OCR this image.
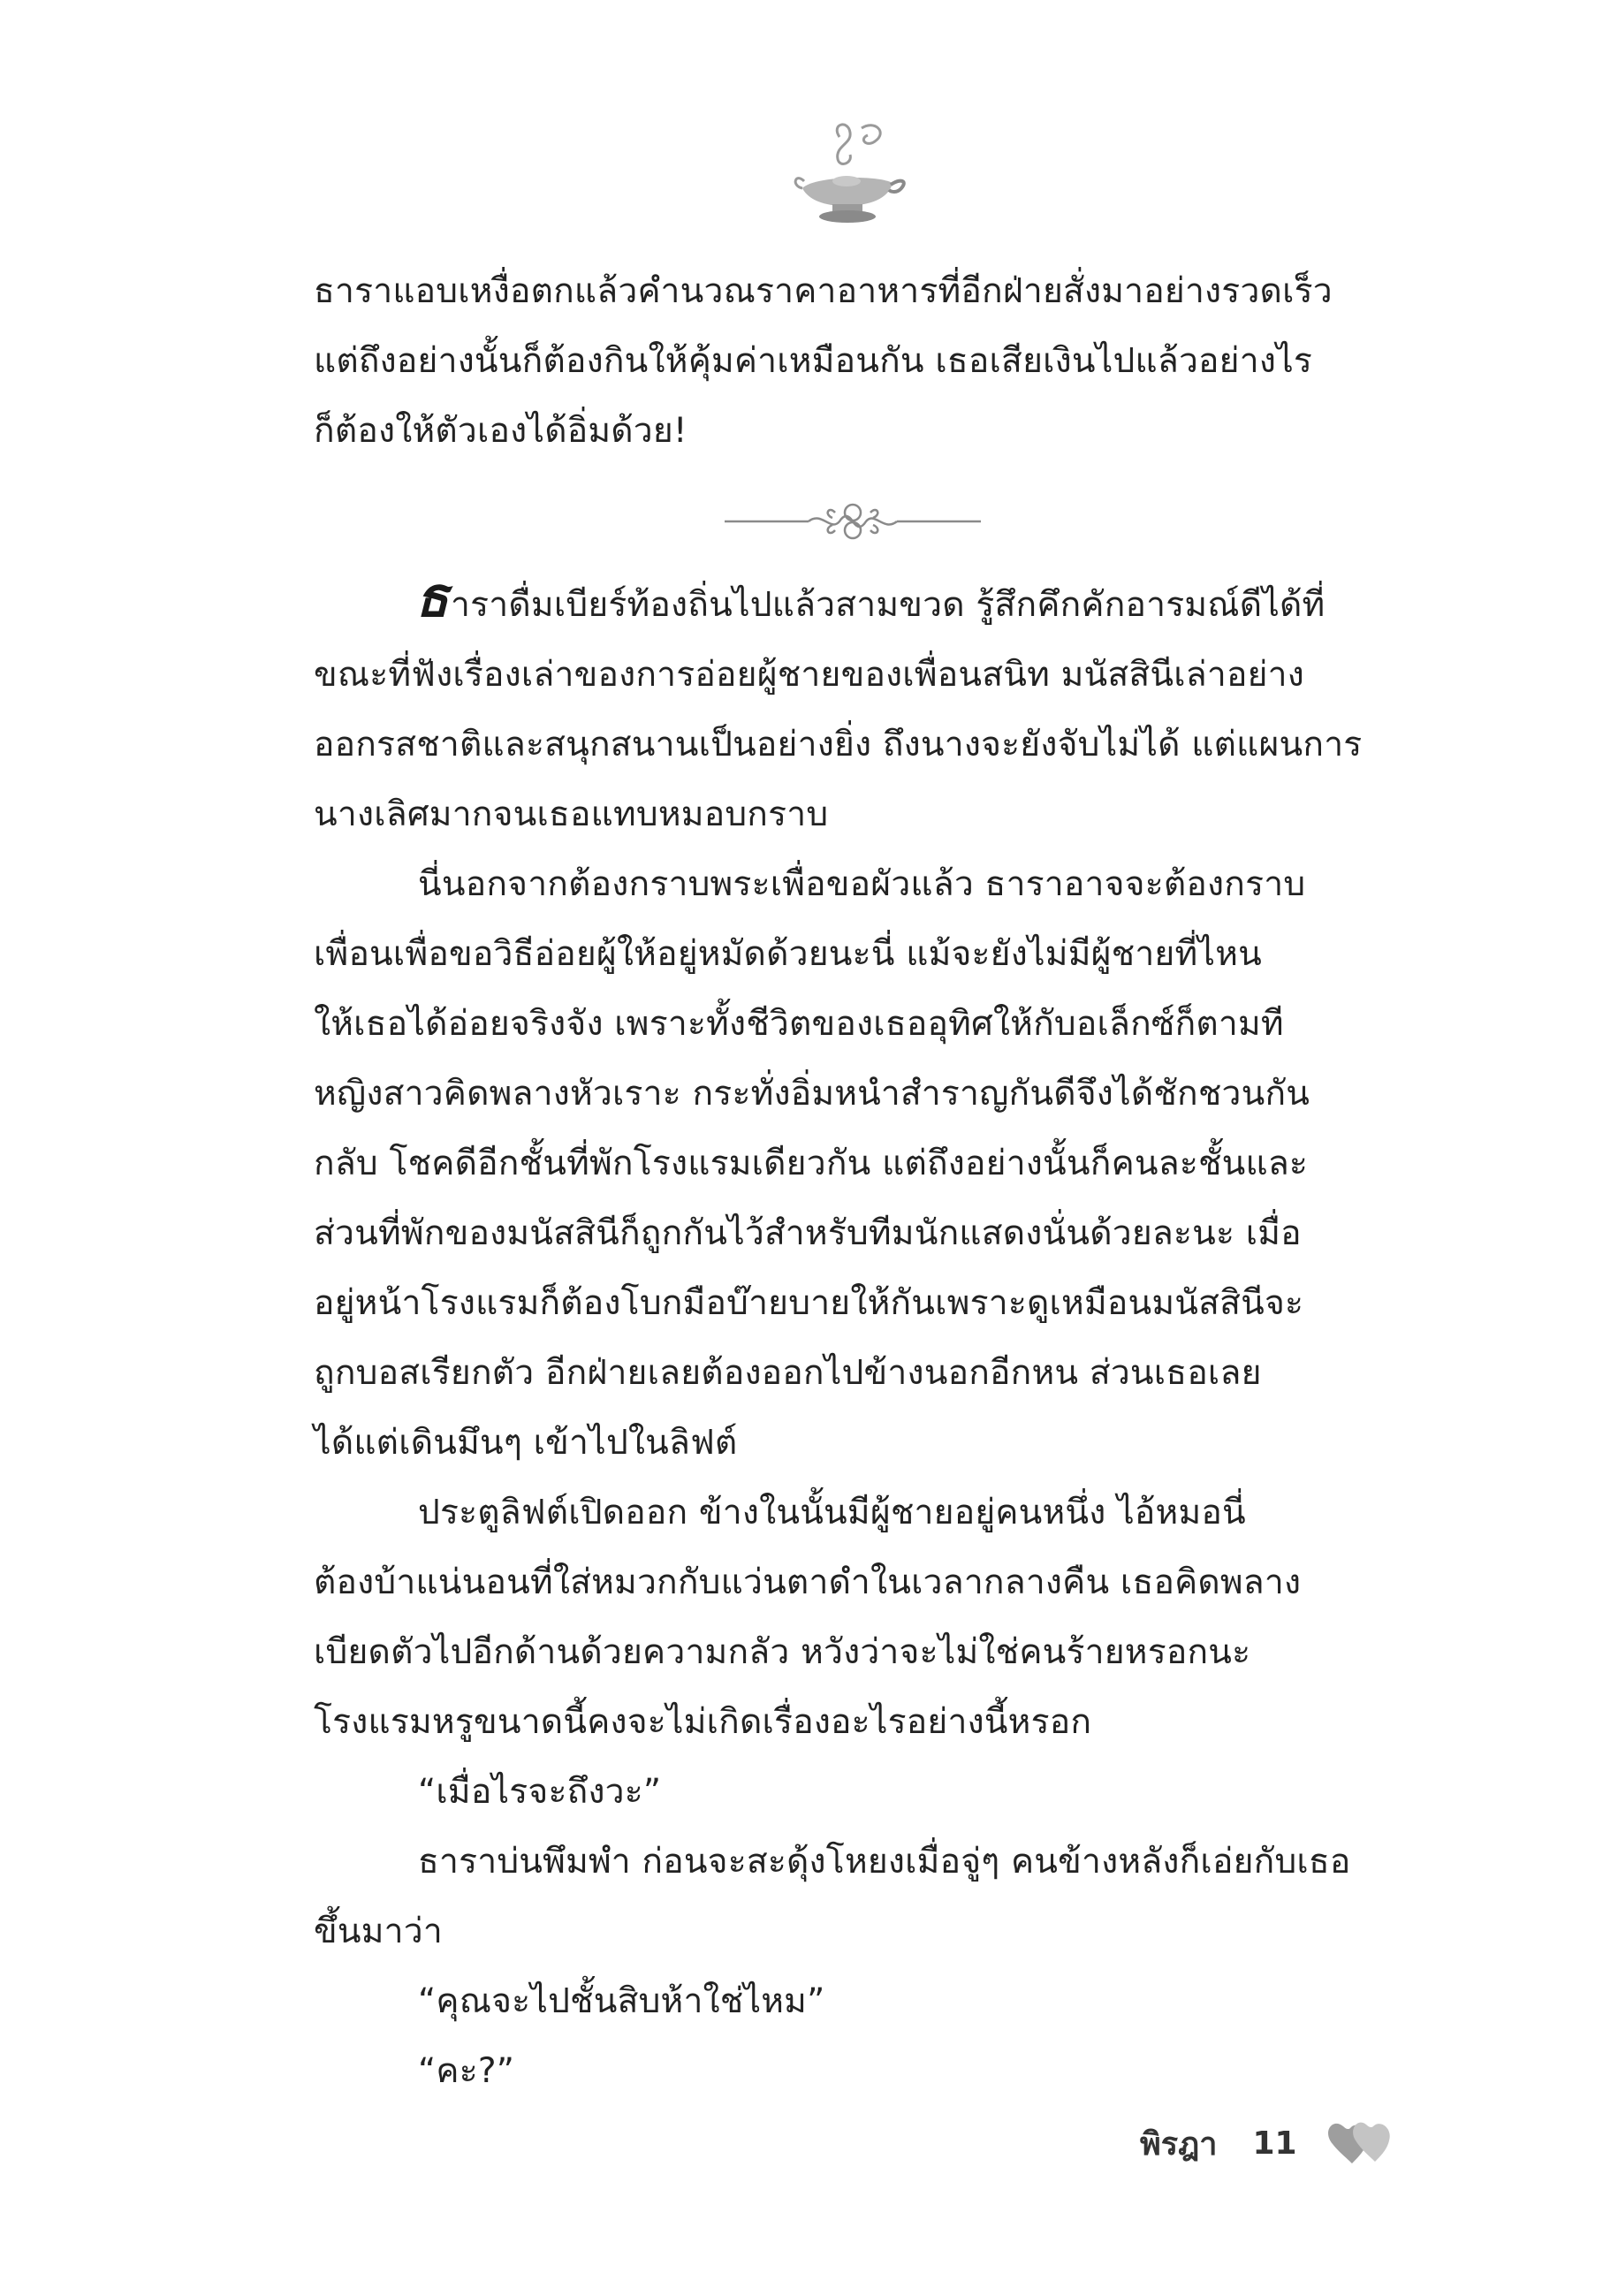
ธาราแอบเหงื่อตกแล้วคำนวณราคาอาหารที่อีกฝ่ายสั่งมาอย่างรวดเร็ว
แต่ถึงอย่างนั้นก็ต้องกินให้คุ้มค่าเหมือนกัน เธอเสียเงินไปแล้วอย่างไร
ก็ต้องให้ตัวเองได้อิ่มด้วย!
ธาราดื่มเบียร์ท้องถิ่นไปแล้วสามขวด รู้สึกคึกคักอารมณ์ดีได้ที่
ขณะที่ฟังเรื่องเล่าของการอ่อยผู้ชายของเพื่อนสนิท มนัสสินีเล่าอย่าง
ออกรสชาติและสนุกสนานเป็นอย่างยิ่ง ถึงนางจะยังจับไม่ได้ แต่แผนการ
นางเลิศมากจนเธอแทบหมอบกราบ
นี่นอกจากต้องกราบพระเพื่อขอผัวแล้ว ธาราอาจจะต้องกราบ
เพื่อนเพื่อขอวิธีอ่อยผู้ให้อยู่หมัดด้วยนะนี่ แม้จะยังไม่มีผู้ชายที่ไหน
ให้เธอได้อ่อยจริงจัง เพราะทั้งชีวิตของเธออุทิศให้กับอเล็กซ์ก็ตามที
หญิงสาวคิดพลางหัวเราะ กระทั่งอิ่มหนำสำราญกันดีจึงได้ชักชวนกัน
กลับ โชคดีอีกชั้นที่พักโรงแรมเดียวกัน แต่ถึงอย่างนั้นก็คนละชั้นและ
ส่วนที่พักของมนัสสินีก็ถูกกันไว้สำหรับทีมนักแสดงนั่นด้วยละนะ เมื่อ
อยู่หน้าโรงแรมก็ต้องโบกมือบ๊ายบายให้กันเพราะดูเหมือนมนัสสินีจะ
ถูกบอสเรียกตัว อีกฝ่ายเลยต้องออกไปข้างนอกอีกหน ส่วนเธอเลย
ได้แต่เดินมึนๆ เข้าไปในลิฟต์
ประตูลิฟต์เปิดออก ข้างในนั้นมีผู้ชายอยู่คนหนึ่ง ไอ้หมอนี่
ต้องบ้าแน่นอนที่ใส่หมวกกับแว่นตาดำในเวลากลางคืน เธอคิดพลาง
เบียดตัวไปอีกด้านด้วยความกลัว หวังว่าจะไม่ใช่คนร้ายหรอกนะ
โรงแรมหรูขนาดนี้คงจะไม่เกิดเรื่องอะไรอย่างนี้หรอก
“เมื่อไรจะถึงวะ”
ธาราบ่นพึมพำ ก่อนจะสะดุ้งโหยงเมื่อจู่ๆ คนข้างหลังก็เอ่ยกับเธอ
ขึ้นมาว่า
“คุณจะไปชั้นสิบห้าใช่ไหม”
“คะ?”
พิรฎา 11
